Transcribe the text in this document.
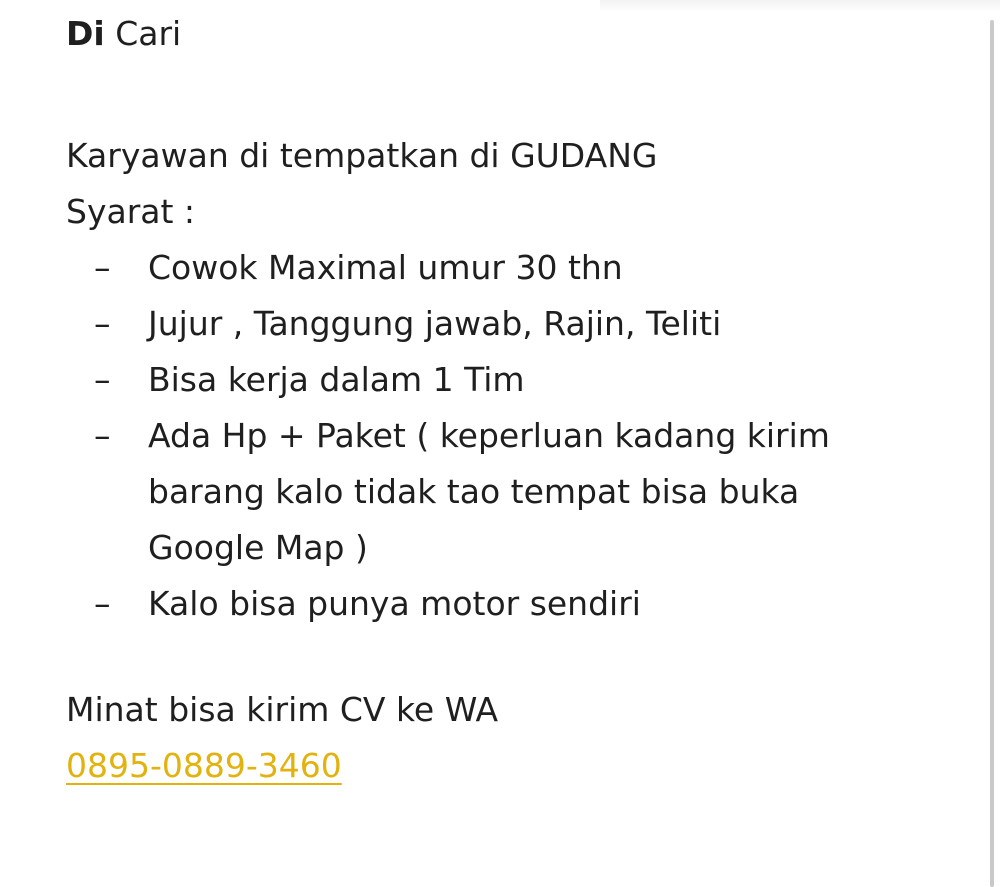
Di Cari

Karyawan di tempatkan di GUDANG

Syarat :

– Cowok Maximal umur 30 thn
– Jujur , Tanggung jawab, Rajin, Teliti
– Bisa kerja dalam 1 Tim
– Ada Hp + Paket ( keperluan kadang kirim barang kalo tidak tao tempat bisa buka Google Map )
– Kalo bisa punya motor sendiri

Minat bisa kirim CV ke WA

0895-0889-3460
